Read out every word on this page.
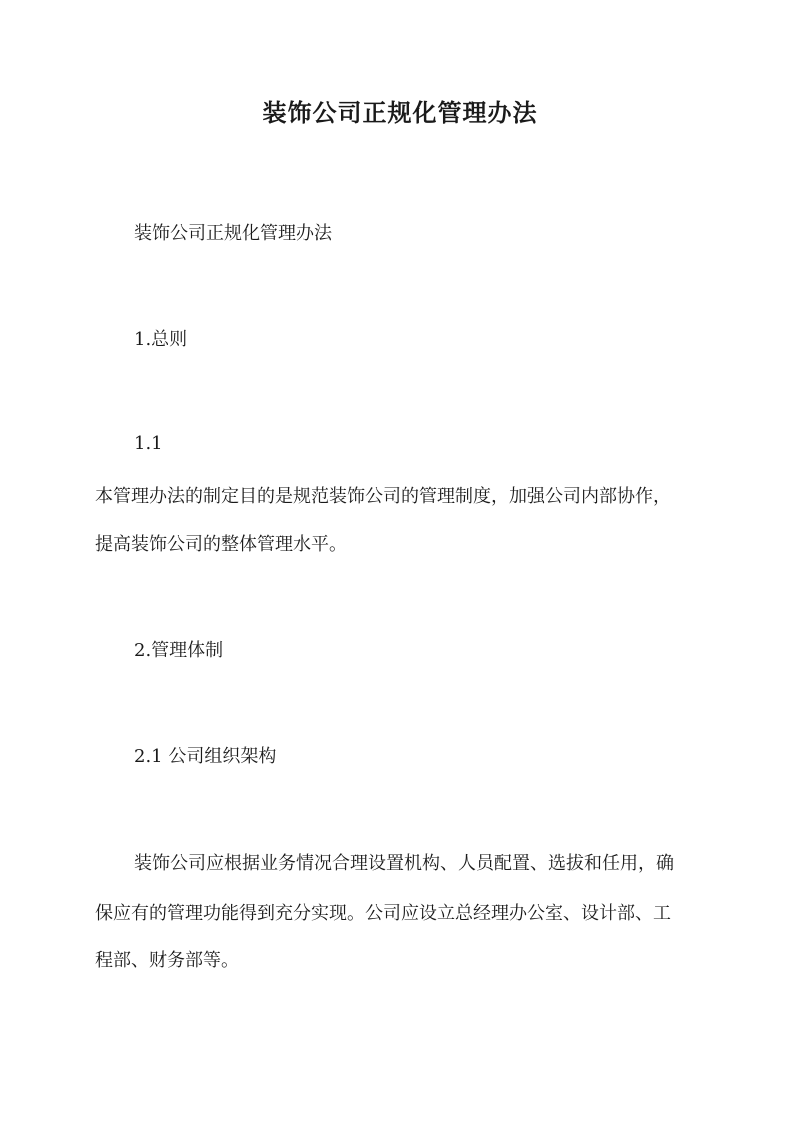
装饰公司正规化管理办法
装饰公司正规化管理办法
1.总则
1.1
本管理办法的制定目的是规范装饰公司的管理制度，加强公司内部协作，
提高装饰公司的整体管理水平。
2.管理体制
2.1 公司组织架构
装饰公司应根据业务情况合理设置机构、人员配置、选拔和任用，确
保应有的管理功能得到充分实现。公司应设立总经理办公室、设计部、工
程部、财务部等。
